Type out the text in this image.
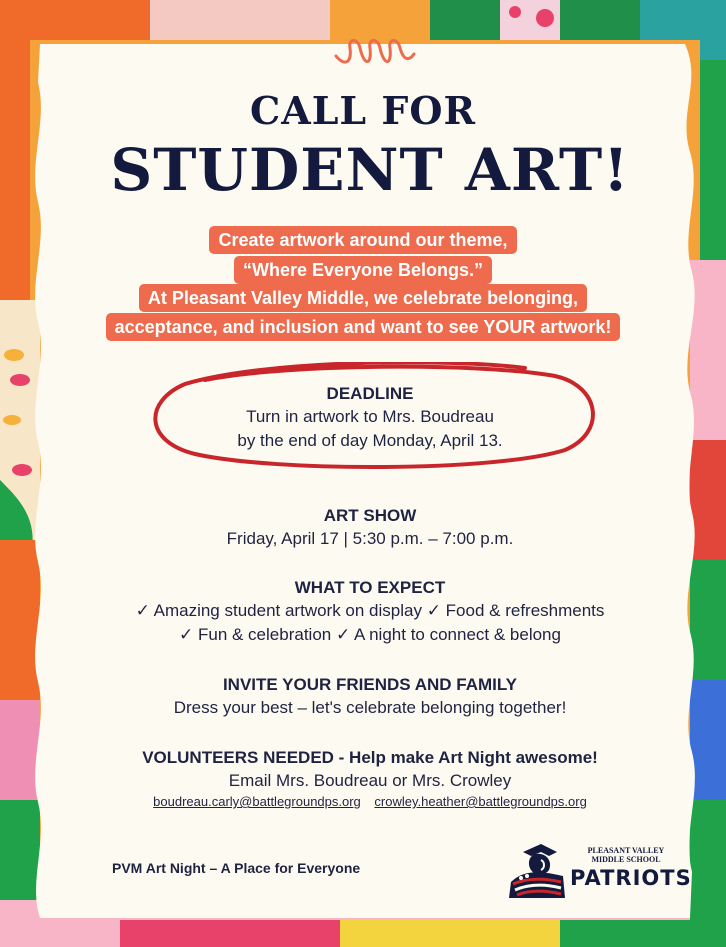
CALL FOR
STUDENT ART!
Create artwork around our theme,
“Where Everyone Belongs.”
At Pleasant Valley Middle, we celebrate belonging,
acceptance, and inclusion and want to see YOUR artwork!
DEADLINE
Turn in artwork to Mrs. Boudreau
by the end of day Monday, April 13.
ART SHOW
Friday, April 17 | 5:30 p.m. – 7:00 p.m.
WHAT TO EXPECT
✓ Amazing student artwork on display ✓ Food & refreshments
✓ Fun & celebration ✓ A night to connect & belong
INVITE YOUR FRIENDS AND FAMILY
Dress your best – let's celebrate belonging together!
VOLUNTEERS NEEDED - Help make Art Night awesome!
Email Mrs. Boudreau or Mrs. Crowley
boudreau.carly@battlegroundps.org crowley.heather@battlegroundps.org
PVM Art Night – A Place for Everyone
PLEASANT VALLEY MIDDLE SCHOOL
PATRIOTS
